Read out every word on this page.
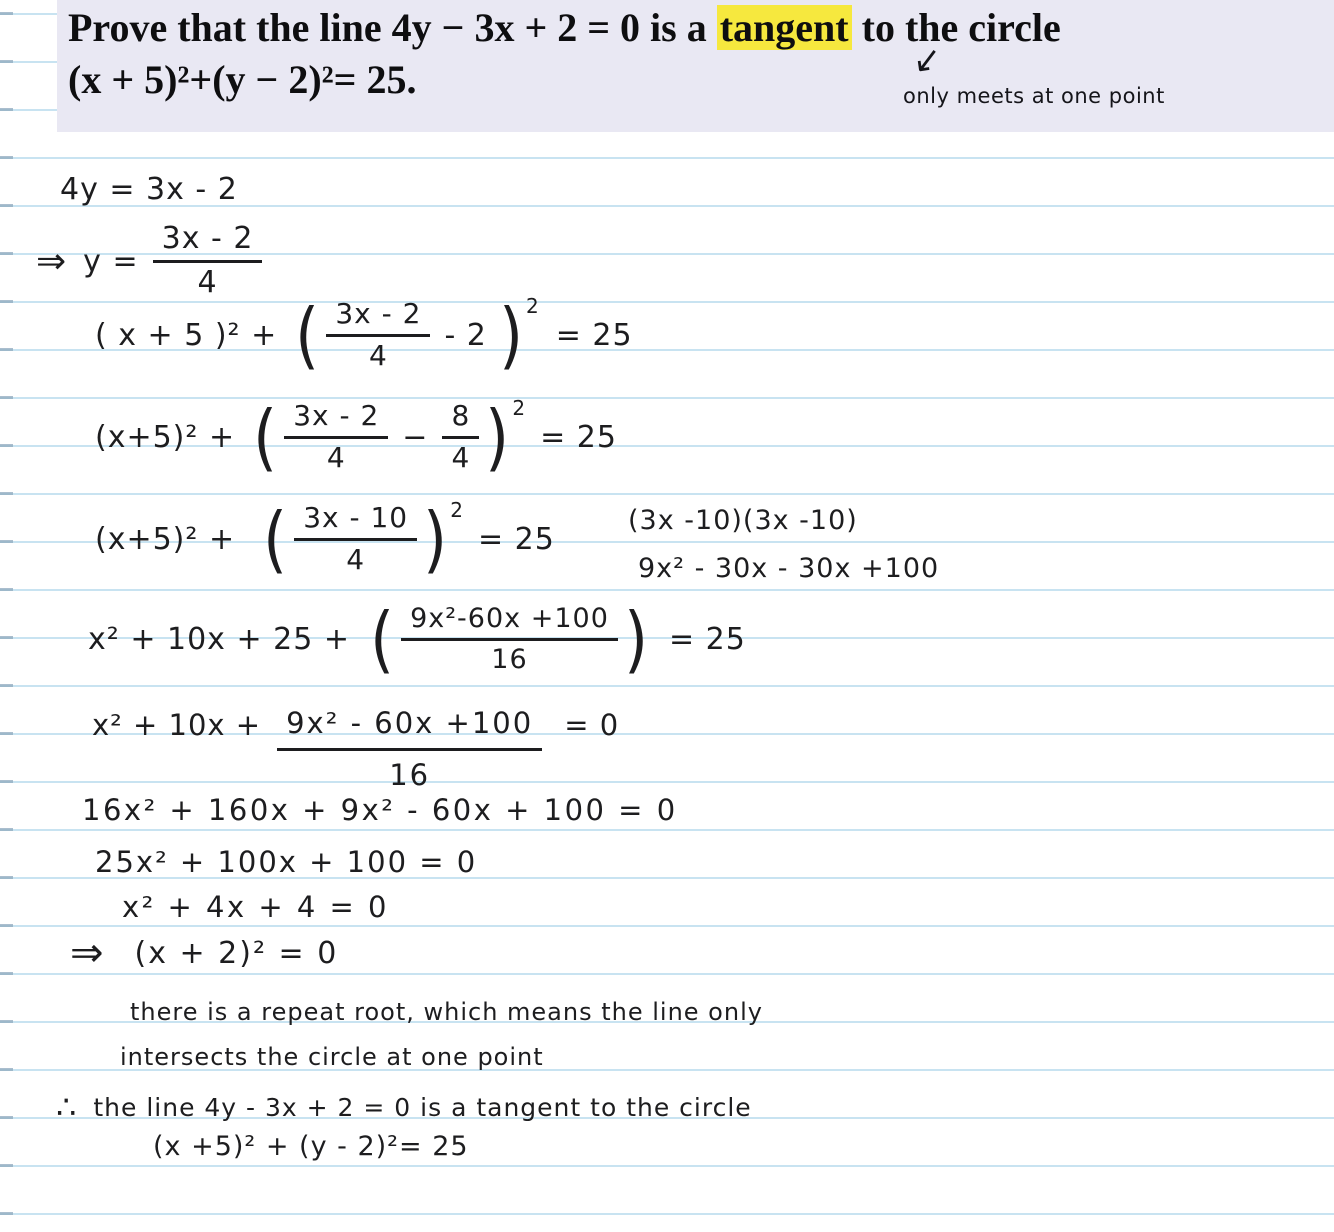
Prove that the line 4y − 3x + 2 = 0 is a tangent to the circle
(x + 5)²+(y − 2)²= 25.	↙
only meets at one point
4y = 3x - 2
⇒ $y = \frac{3x - 2}{4}$
( x + 5 )² + ( $\frac{3x - 2}{4} - 2$ ) 2
= 25
(x+5)² + ( $\frac{3x - 2}{4} - \frac{8}{4}$ ) 2
= 25
(x+5)² + ( $\frac{3x - 10}{4}$ ) 2
= 25
(3x -10)(3x -10)
9x² - 30x - 30x +100
x² + 10x + 25 + ( $\frac{\text{9x²-60x +100}}{16}$ ) = 25
$x^2 + 10x + \frac{\text{9x² - 60x +100}}{16} = 0$
16x² + 160x + 9x² - 60x + 100 = 0
25x² + 100x + 100 = 0
x² + 4x + 4 = 0
⇒ (x + 2)² = 0
there is a repeat root, which means the line only
intersects the circle at one point
∴ the line 4y - 3x + 2 = 0 is a tangent to the circle
(x +5)² + (y - 2)²= 25
